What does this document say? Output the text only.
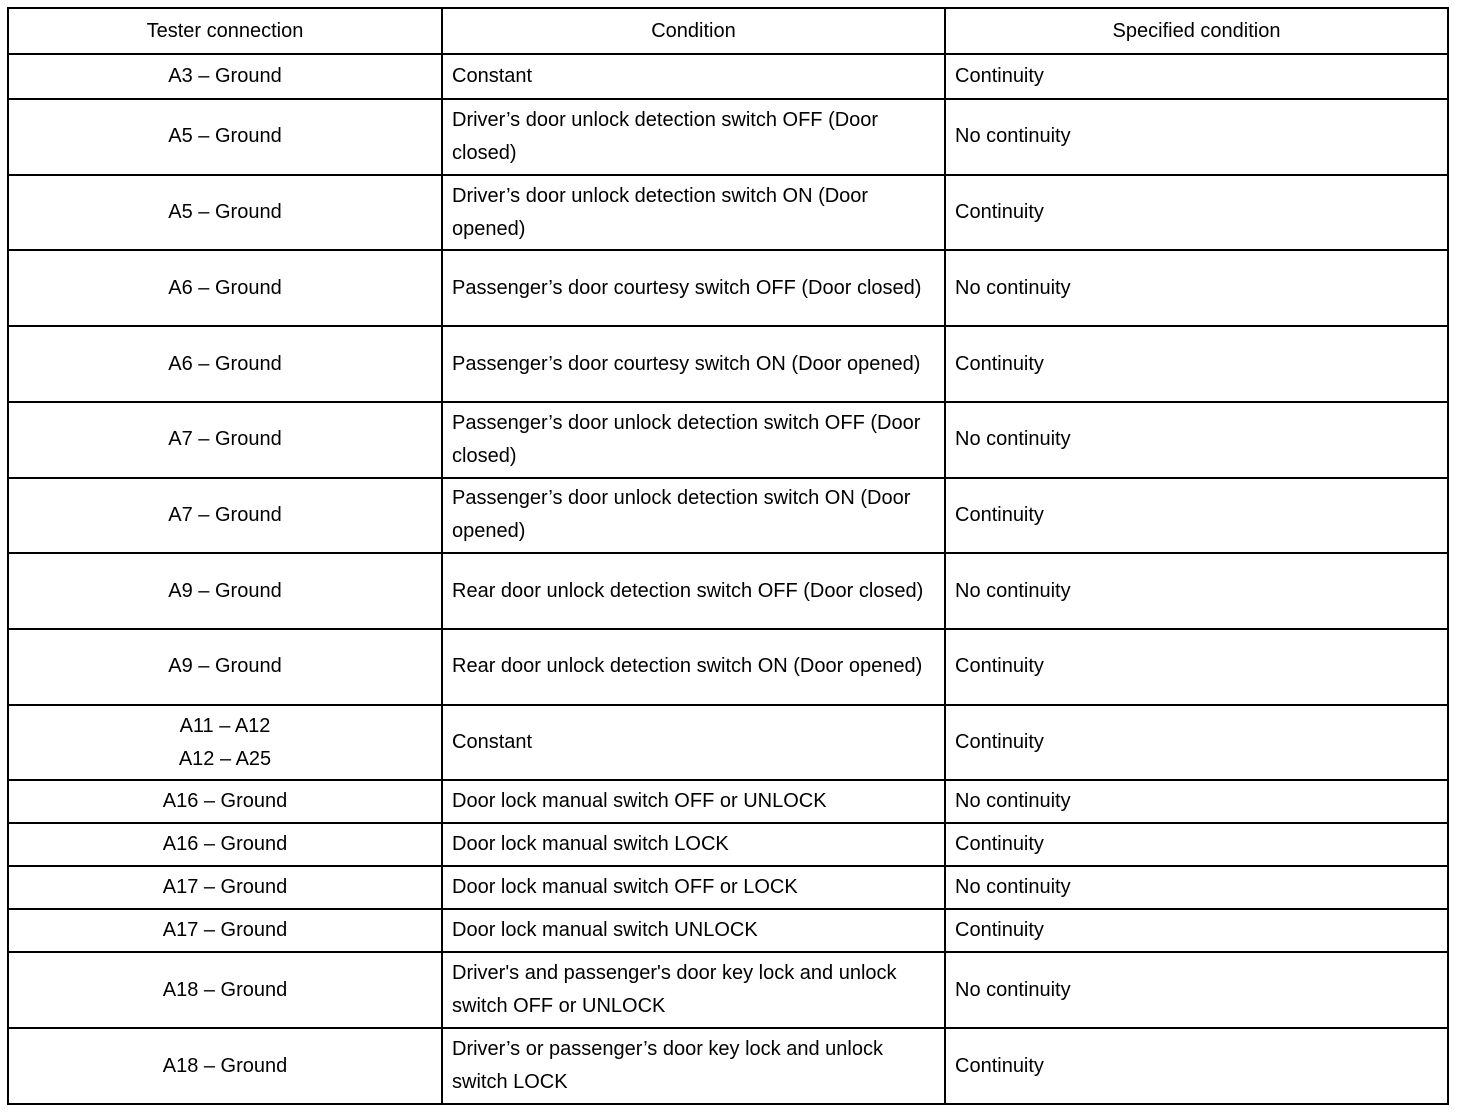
Tester connection	Condition	Specified condition

A3 – Ground	Constant	Continuity

A5 – Ground	Driver’s door unlock detection switch OFF (Door closed)	No continuity

A5 – Ground	Driver’s door unlock detection switch ON (Door opened)	Continuity

A6 – Ground	Passenger’s door courtesy switch OFF (Door closed)	No continuity

A6 – Ground	Passenger’s door courtesy switch ON (Door opened)	Continuity

A7 – Ground	Passenger’s door unlock detection switch OFF (Door closed)	No continuity

A7 – Ground	Passenger’s door unlock detection switch ON (Door opened)	Continuity

A9 – Ground	Rear door unlock detection switch OFF (Door closed)	No continuity

A9 – Ground	Rear door unlock detection switch ON (Door opened)	Continuity

A11 – A12
A12 – A25	Constant	Continuity

A16 – Ground	Door lock manual switch OFF or UNLOCK	No continuity

A16 – Ground	Door lock manual switch LOCK	Continuity

A17 – Ground	Door lock manual switch OFF or LOCK	No continuity

A17 – Ground	Door lock manual switch UNLOCK	Continuity

A18 – Ground	Driver's and passenger's door key lock and unlock switch OFF or UNLOCK	No continuity

A18 – Ground	Driver’s or passenger’s door key lock and unlock switch LOCK	Continuity
